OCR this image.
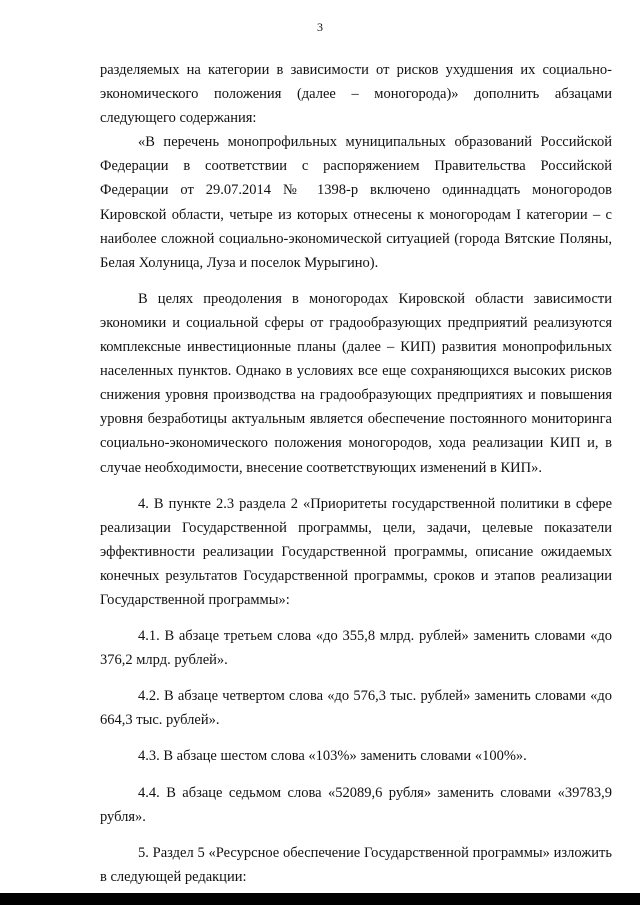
3

разделяемых на категории в зависимости от рисков ухудшения их социально-экономического положения (далее – моногорода)» дополнить абзацами следующего содержания:

«В перечень монопрофильных муниципальных образований Российской Федерации в соответствии с распоряжением Правительства Российской Федерации от 29.07.2014 № 1398-р включено одиннадцать моногородов Кировской области, четыре из которых отнесены к моногородам I категории – с наиболее сложной социально-экономической ситуацией (города Вятские Поляны, Белая Холуница, Луза и поселок Мурыгино).

В целях преодоления в моногородах Кировской области зависимости экономики и социальной сферы от градообразующих предприятий реализуются комплексные инвестиционные планы (далее – КИП) развития монопрофильных населенных пунктов. Однако в условиях все еще сохраняющихся высоких рисков снижения уровня производства на градообразующих предприятиях и повышения уровня безработицы актуальным является обеспечение постоянного мониторинга социально-экономического положения моногородов, хода реализации КИП и, в случае необходимости, внесение соответствующих изменений в КИП».

4. В пункте 2.3 раздела 2 «Приоритеты государственной политики в сфере реализации Государственной программы, цели, задачи, целевые показатели эффективности реализации Государственной программы, описание ожидаемых конечных результатов Государственной программы, сроков и этапов реализации Государственной программы»:

4.1. В абзаце третьем слова «до 355,8 млрд. рублей» заменить словами «до 376,2 млрд. рублей».

4.2. В абзаце четвертом слова «до 576,3 тыс. рублей» заменить словами «до 664,3 тыс. рублей».

4.3. В абзаце шестом слова «103%» заменить словами «100%».

4.4. В абзаце седьмом слова «52089,6 рубля» заменить словами «39783,9 рубля».

5. Раздел 5 «Ресурсное обеспечение Государственной программы» изложить в следующей редакции:
